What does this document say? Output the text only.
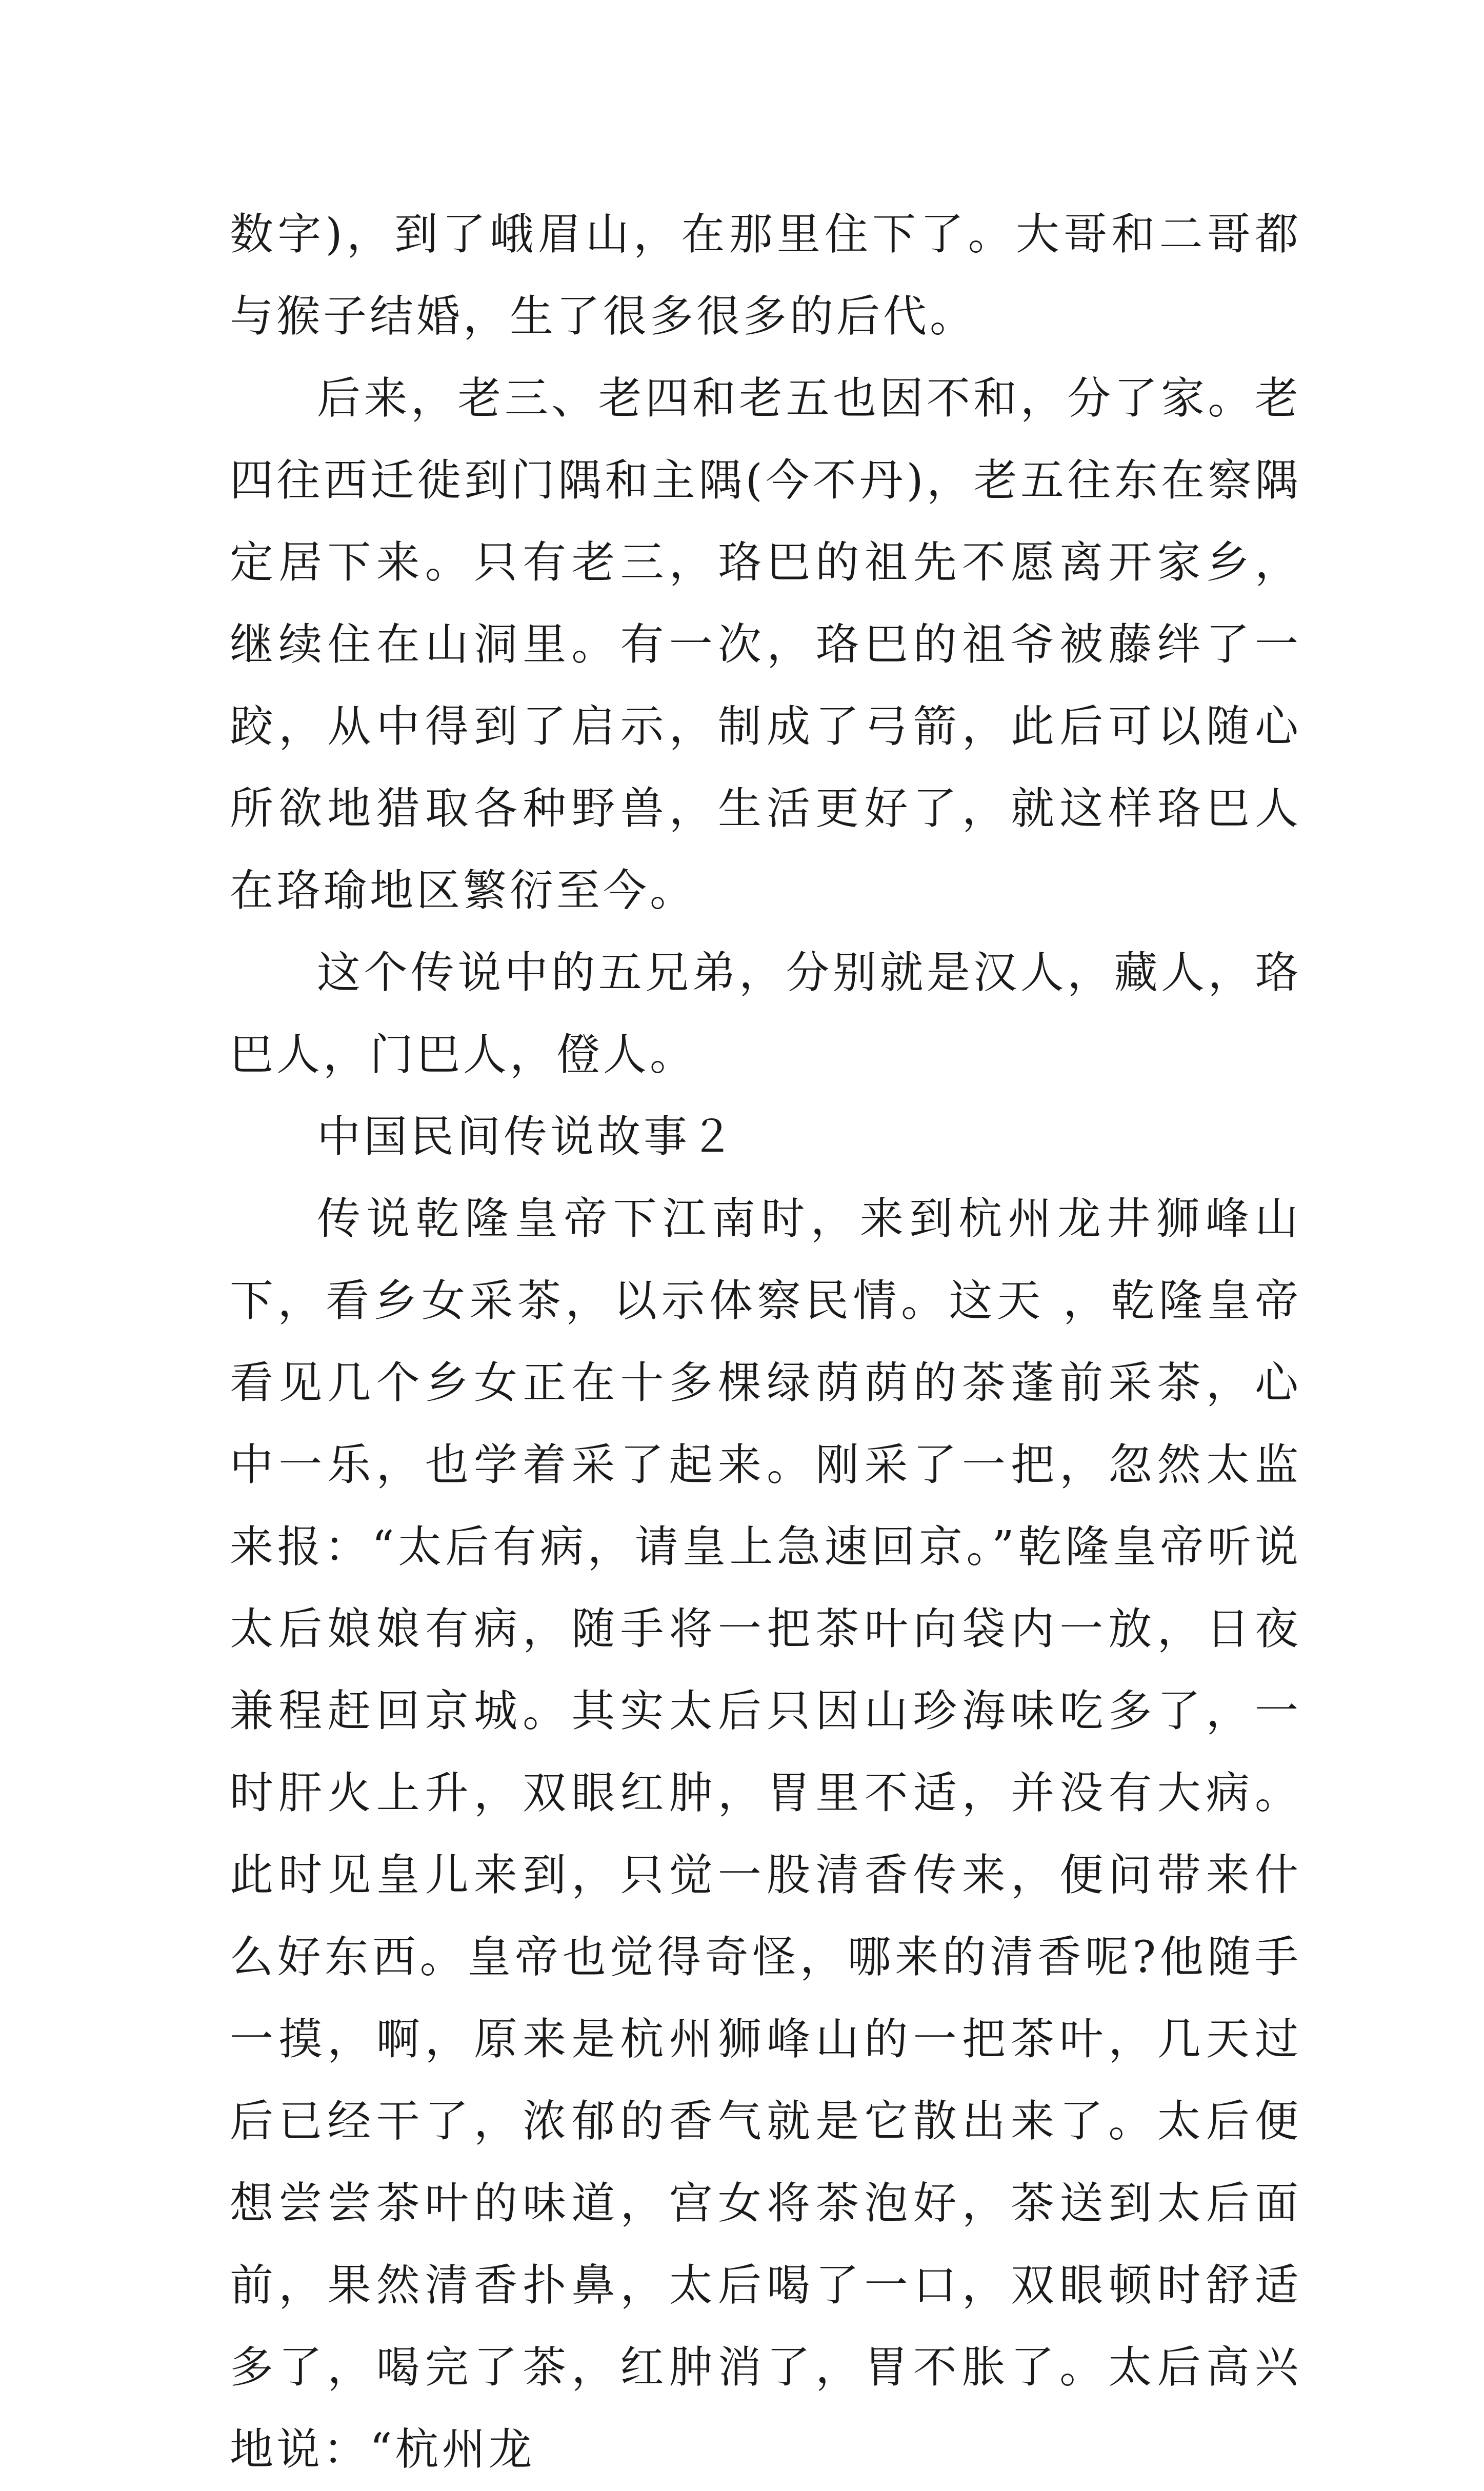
数字)，到了峨眉山，在那里住下了。大哥和二哥都与猴子结婚，生了很多很多的后代。

后来，老三、老四和老五也因不和，分了家。老四往西迁徙到门隅和主隅(今不丹)，老五往东在察隅定居下来。只有老三，珞巴的祖先不愿离开家乡，继续住在山洞里。有一次，珞巴的祖爷被藤绊了一跤，从中得到了启示，制成了弓箭，此后可以随心所欲地猎取各种野兽，生活更好了，就这样珞巴人在珞瑜地区繁衍至今。

这个传说中的五兄弟，分别就是汉人，藏人，珞巴人，门巴人，僜人。

中国民间传说故事２

传说乾隆皇帝下江南时，来到杭州龙井狮峰山下，看乡女采茶，以示体察民情。这天 ，乾隆皇帝看见几个乡女正在十多棵绿荫荫的茶蓬前采茶，心中一乐，也学着采了起来。刚采了一把，忽然太监来报：“太后有病，请皇上急速回京。”乾隆皇帝听说太后娘娘有病，随手将一把茶叶向袋内一放，日夜兼程赶回京城。其实太后只因山珍海味吃多了，一时肝火上升，双眼红肿，胃里不适，并没有大病。此时见皇儿来到，只觉一股清香传来，便问带来什么好东西。皇帝也觉得奇怪，哪来的清香呢?他随手一摸，啊，原来是杭州狮峰山的一把茶叶，几天过后已经干了，浓郁的香气就是它散出来了。太后便想尝尝茶叶的味道，宫女将茶泡好，茶送到太后面前，果然清香扑鼻，太后喝了一口，双眼顿时舒适多了，喝完了茶，红肿消了，胃不胀了。太后高兴地说：“杭州龙
